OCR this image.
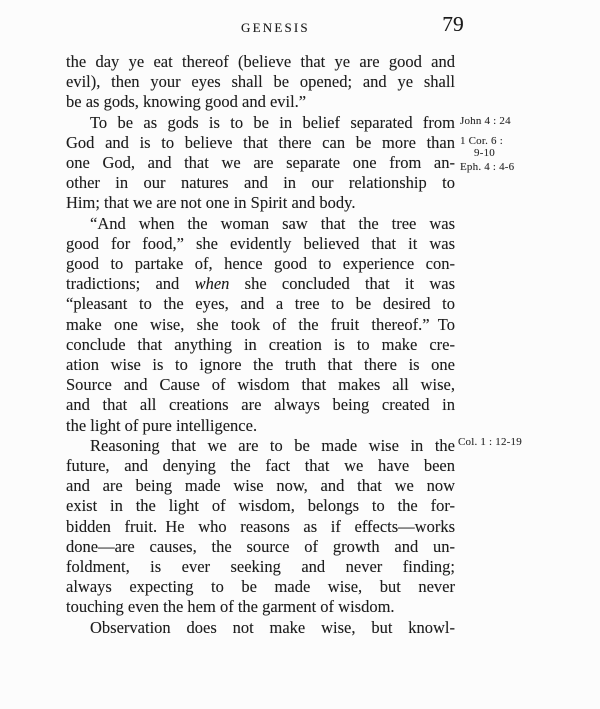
GENESIS	79
the day ye eat thereof (believe that ye are good and
evil), then your eyes shall be opened; and ye shall
be as gods, knowing good and evil.”
To be as gods is to be in belief separated from
God and is to believe that there can be more than
one God, and that we are separate one from an-
other in our natures and in our relationship to
Him; that we are not one in Spirit and body.
“And when the woman saw that the tree was
good for food,” she evidently believed that it was
good to partake of, hence good to experience con-
tradictions; and when she concluded that it was
“pleasant to the eyes, and a tree to be desired to
make one wise, she took of the fruit thereof.” To
conclude that anything in creation is to make cre-
ation wise is to ignore the truth that there is one
Source and Cause of wisdom that makes all wise,
and that all creations are always being created in
the light of pure intelligence.
Reasoning that we are to be made wise in the
future, and denying the fact that we have been
and are being made wise now, and that we now
exist in the light of wisdom, belongs to the for-
bidden fruit. He who reasons as if effects—works
done—are causes, the source of growth and un-
foldment, is ever seeking and never finding;
always expecting to be made wise, but never
touching even the hem of the garment of wisdom.
Observation does not make wise, but knowl-
John 4 : 24
1 Cor. 6 :
9-10
Eph. 4 : 4-6
Col. 1 : 12-19
